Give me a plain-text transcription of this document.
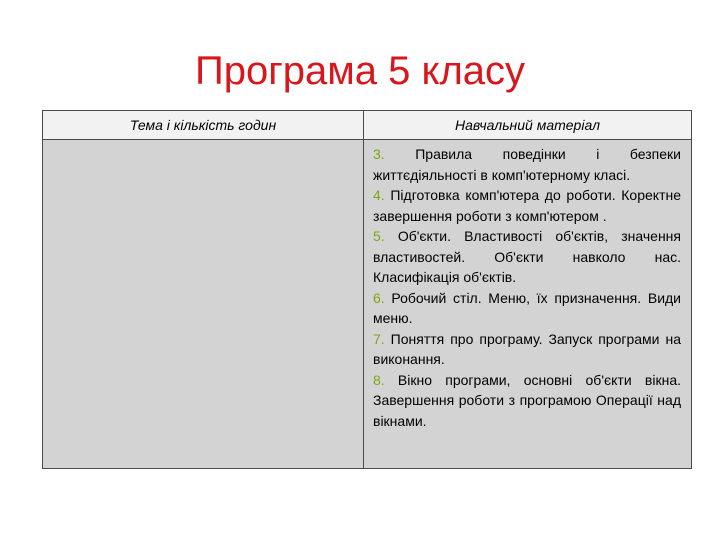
Програма 5 класу
Тема і кількість годин	Навчальний матеріал
3. Правила поведінки і безпеки життєдіяльності в комп'ютерному класі.
4. Підготовка комп'ютера до роботи. Коректне завершення роботи з комп'ютером .
5. Об'єкти. Властивості об'єктів, значення властивостей. Об'єкти навколо нас. Класифікація об'єктів.
6. Робочий стіл. Меню, їх призначення. Види меню.
7. Поняття про програму. Запуск програми на виконання.
8. Вікно програми, основні об'єкти вікна. Завершення роботи з програмою Операції над вікнами.
